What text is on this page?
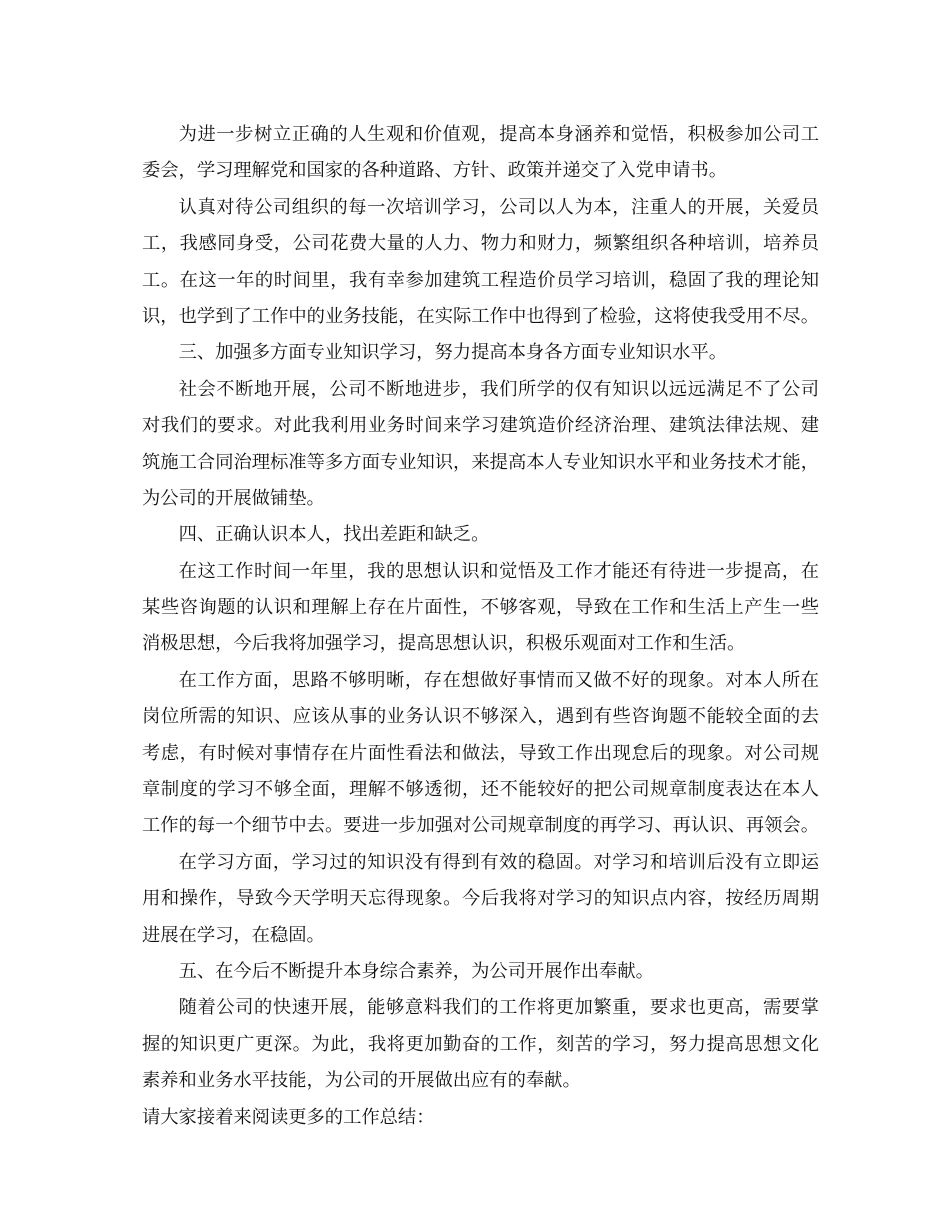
为进一步树立正确的人生观和价值观，提高本身涵养和觉悟，积极参加公司工
委会，学习理解党和国家的各种道路、方针、政策并递交了入党申请书。
认真对待公司组织的每一次培训学习，公司以人为本，注重人的开展，关爱员
工，我感同身受，公司花费大量的人力、物力和财力，频繁组织各种培训，培养员
工。在这一年的时间里，我有幸参加建筑工程造价员学习培训，稳固了我的理论知
识，也学到了工作中的业务技能，在实际工作中也得到了检验，这将使我受用不尽。
三、加强多方面专业知识学习，努力提高本身各方面专业知识水平。
社会不断地开展，公司不断地进步，我们所学的仅有知识以远远满足不了公司
对我们的要求。对此我利用业务时间来学习建筑造价经济治理、建筑法律法规、建
筑施工合同治理标准等多方面专业知识，来提高本人专业知识水平和业务技术才能，
为公司的开展做铺垫。
四、正确认识本人，找出差距和缺乏。
在这工作时间一年里，我的思想认识和觉悟及工作才能还有待进一步提高，在
某些咨询题的认识和理解上存在片面性，不够客观，导致在工作和生活上产生一些
消极思想，今后我将加强学习，提高思想认识，积极乐观面对工作和生活。
在工作方面，思路不够明晰，存在想做好事情而又做不好的现象。对本人所在
岗位所需的知识、应该从事的业务认识不够深入，遇到有些咨询题不能较全面的去
考虑，有时候对事情存在片面性看法和做法，导致工作出现怠后的现象。对公司规
章制度的学习不够全面，理解不够透彻，还不能较好的把公司规章制度表达在本人
工作的每一个细节中去。要进一步加强对公司规章制度的再学习、再认识、再领会。
在学习方面，学习过的知识没有得到有效的稳固。对学习和培训后没有立即运
用和操作，导致今天学明天忘得现象。今后我将对学习的知识点内容，按经历周期
进展在学习，在稳固。
五、在今后不断提升本身综合素养，为公司开展作出奉献。
随着公司的快速开展，能够意料我们的工作将更加繁重，要求也更高，需要掌
握的知识更广更深。为此，我将更加勤奋的工作，刻苦的学习，努力提高思想文化
素养和业务水平技能，为公司的开展做出应有的奉献。
请大家接着来阅读更多的工作总结：
